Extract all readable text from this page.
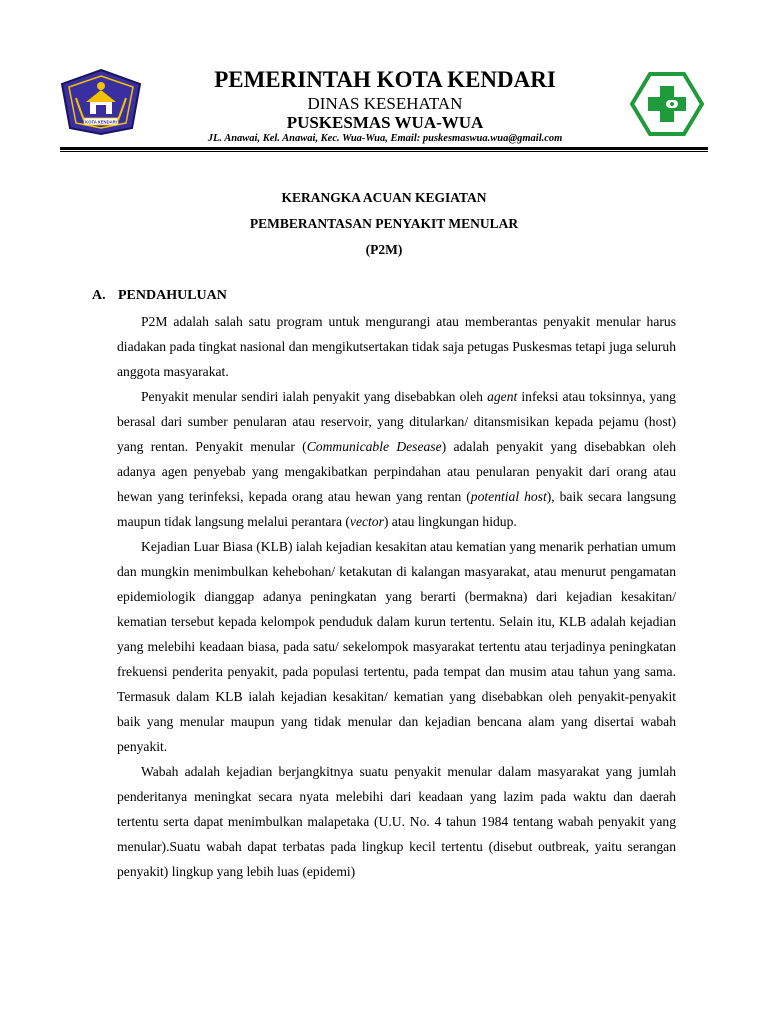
KOTA KENDARI
PEMERINTAH KOTA KENDARI
DINAS KESEHATAN
PUSKESMAS WUA-WUA
JL. Anawai, Kel. Anawai, Kec. Wua-Wua, Email: puskesmaswua.wua@gmail.com
KERANGKA ACUAN KEGIATAN
PEMBERANTASAN PENYAKIT MENULAR
(P2M)
A. PENDAHULUAN

P2M adalah salah satu program untuk mengurangi atau memberantas penyakit menular harus diadakan pada tingkat nasional dan mengikutsertakan tidak saja petugas Puskesmas tetapi juga seluruh anggota masyarakat.

Penyakit menular sendiri ialah penyakit yang disebabkan oleh agent infeksi atau toksinnya, yang berasal dari sumber penularan atau reservoir, yang ditularkan/ ditansmisikan kepada pejamu (host) yang rentan. Penyakit menular (Communicable Desease) adalah penyakit yang disebabkan oleh adanya agen penyebab yang mengakibatkan perpindahan atau penularan penyakit dari orang atau hewan yang terinfeksi, kepada orang atau hewan yang rentan (potential host), baik secara langsung maupun tidak langsung melalui perantara (vector) atau lingkungan hidup.

Kejadian Luar Biasa (KLB) ialah kejadian kesakitan atau kematian yang menarik perhatian umum dan mungkin menimbulkan kehebohan/ ketakutan di kalangan masyarakat, atau menurut pengamatan epidemiologik dianggap adanya peningkatan yang berarti (bermakna) dari kejadian kesakitan/ kematian tersebut kepada kelompok penduduk dalam kurun tertentu. Selain itu, KLB adalah kejadian yang melebihi keadaan biasa, pada satu/ sekelompok masyarakat tertentu atau terjadinya peningkatan frekuensi penderita penyakit, pada populasi tertentu, pada tempat dan musim atau tahun yang sama. Termasuk dalam KLB ialah kejadian kesakitan/ kematian yang disebabkan oleh penyakit-penyakit baik yang menular maupun yang tidak menular dan kejadian bencana alam yang disertai wabah penyakit.

Wabah adalah kejadian berjangkitnya suatu penyakit menular dalam masyarakat yang jumlah penderitanya meningkat secara nyata melebihi dari keadaan yang lazim pada waktu dan daerah tertentu serta dapat menimbulkan malapetaka (U.U. No. 4 tahun 1984 tentang wabah penyakit yang menular).Suatu wabah dapat terbatas pada lingkup kecil tertentu (disebut outbreak, yaitu serangan penyakit) lingkup yang lebih luas (epidemi)
